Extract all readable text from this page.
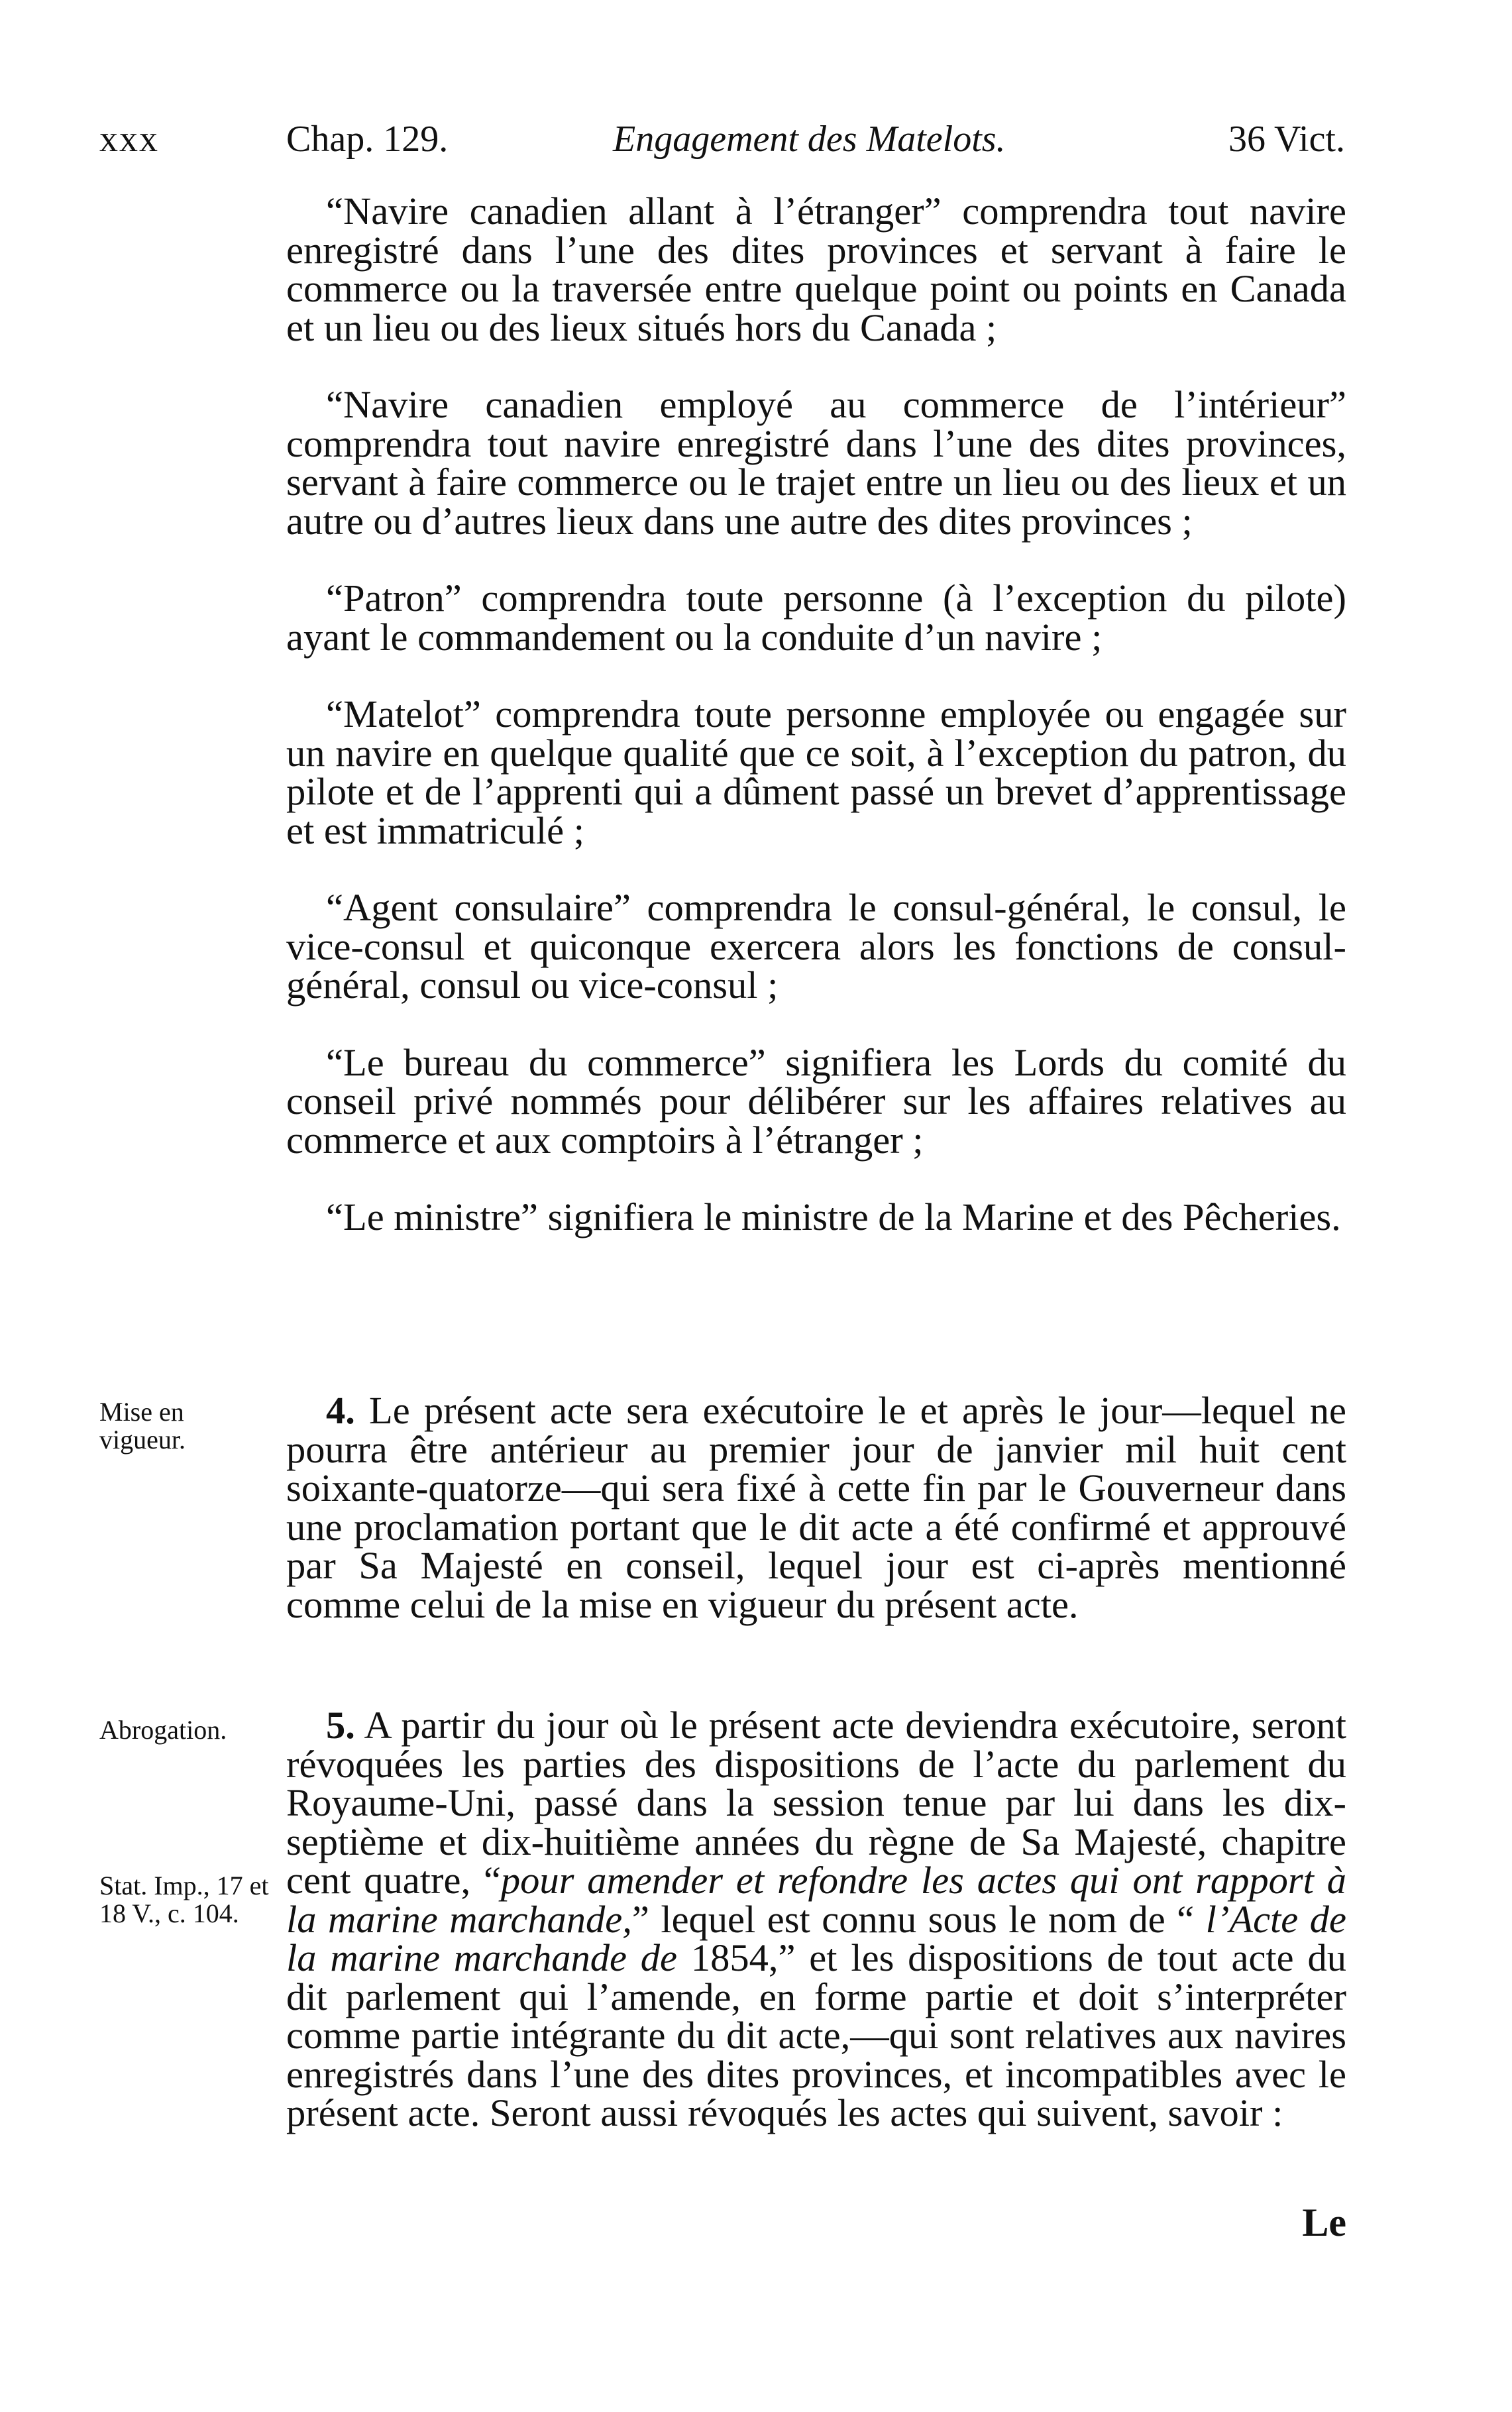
xxx	Chap. 129.	Engagement des Matelots.	36 Vict.

“Navire canadien allant à l’étranger” comprendra tout navire enregistré dans l’une des dites provinces et servant à faire le commerce ou la traversée entre quelque point ou points en Canada et un lieu ou des lieux situés hors du Canada ;

“Navire canadien employé au commerce de l’intérieur” comprendra tout navire enregistré dans l’une des dites provinces, servant à faire commerce ou le trajet entre un lieu ou des lieux et un autre ou d’autres lieux dans une autre des dites provinces ;

“Patron” comprendra toute personne (à l’exception du pilote) ayant le commandement ou la conduite d’un navire ;

“Matelot” comprendra toute personne employée ou engagée sur un navire en quelque qualité que ce soit, à l’exception du patron, du pilote et de l’apprenti qui a dûment passé un brevet d’apprentissage et est immatriculé ;

“Agent consulaire” comprendra le consul-général, le consul, le vice-consul et quiconque exercera alors les fonctions de consul-général, consul ou vice-consul ;

“Le bureau du commerce” signifiera les Lords du comité du conseil privé nommés pour délibérer sur les affaires relatives au commerce et aux comptoirs à l’étranger ;

“Le ministre” signifiera le ministre de la Marine et des Pêcheries.

Mise en vigueur.

4. Le présent acte sera exécutoire le et après le jour—lequel ne pourra être antérieur au premier jour de janvier mil huit cent soixante-quatorze—qui sera fixé à cette fin par le Gouverneur dans une proclamation portant que le dit acte a été confirmé et approuvé par Sa Majesté en conseil, lequel jour est ci-après mentionné comme celui de la mise en vigueur du présent acte.

Abrogation.
Stat. Imp., 17 et 18 V., c. 104.

5. A partir du jour où le présent acte deviendra exécutoire, seront révoquées les parties des dispositions de l’acte du parlement du Royaume-Uni, passé dans la session tenue par lui dans les dix-septième et dix-huitième années du règne de Sa Majesté, chapitre cent quatre, “pour amender et refondre les actes qui ont rapport à la marine marchande,” lequel est connu sous le nom de “ l’Acte de la marine marchande de 1854,” et les dispositions de tout acte du dit parlement qui l’amende, en forme partie et doit s’interpréter comme partie intégrante du dit acte,—qui sont relatives aux navires enregistrés dans l’une des dites provinces, et incompatibles avec le présent acte. Seront aussi révoqués les actes qui suivent, savoir :

Le
